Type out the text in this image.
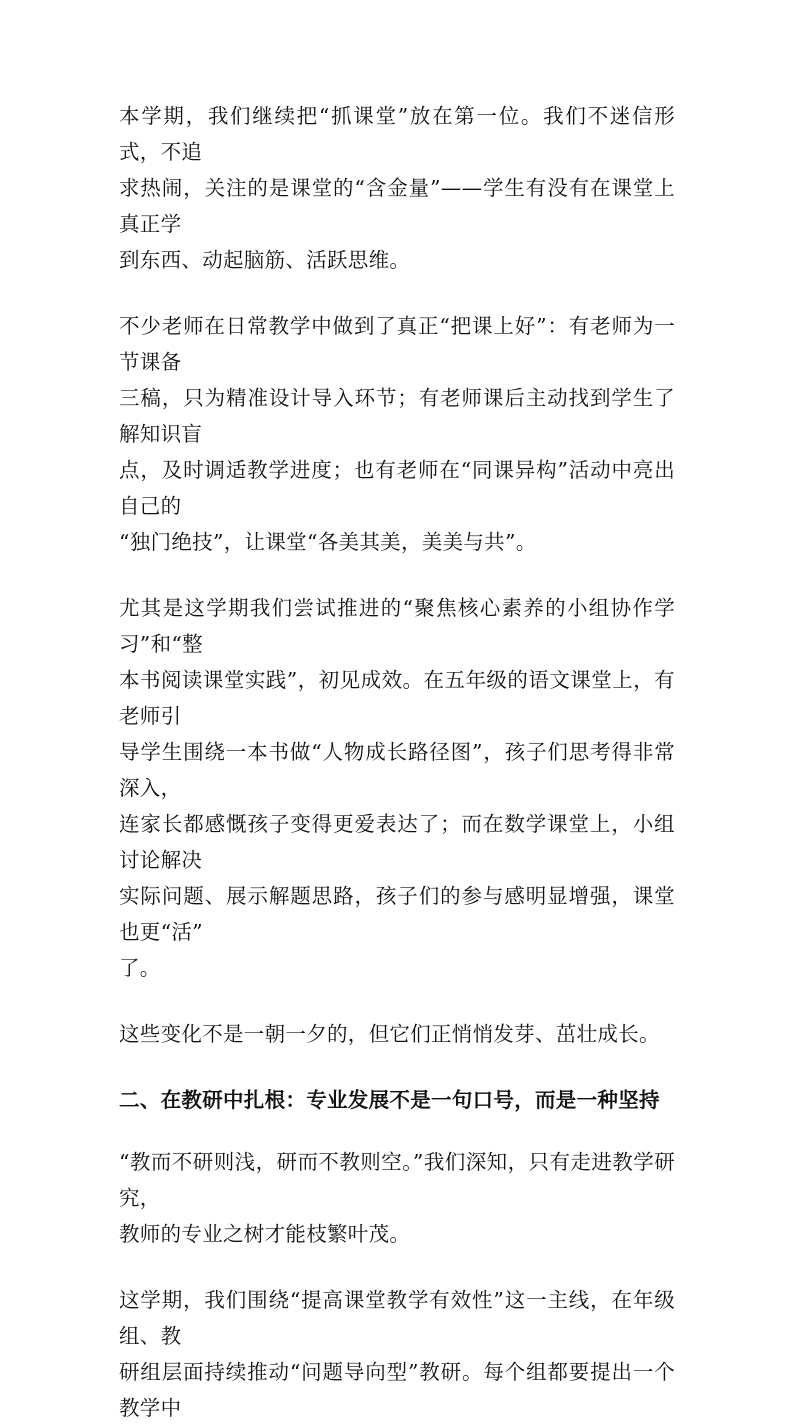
本学期，我们继续把“抓课堂”放在第一位。我们不迷信形式，不追
求热闹，关注的是课堂的“含金量”——学生有没有在课堂上真正学
到东西、动起脑筋、活跃思维。

不少老师在日常教学中做到了真正“把课上好”：有老师为一节课备
三稿，只为精准设计导入环节；有老师课后主动找到学生了解知识盲
点，及时调适教学进度；也有老师在“同课异构”活动中亮出自己的
“独门绝技”，让课堂“各美其美，美美与共”。

尤其是这学期我们尝试推进的“聚焦核心素养的小组协作学习”和“整
本书阅读课堂实践”，初见成效。在五年级的语文课堂上，有老师引
导学生围绕一本书做“人物成长路径图”，孩子们思考得非常深入，
连家长都感慨孩子变得更爱表达了；而在数学课堂上，小组讨论解决
实际问题、展示解题思路，孩子们的参与感明显增强，课堂也更“活”
了。

这些变化不是一朝一夕的，但它们正悄悄发芽、茁壮成长。

二、在教研中扎根：专业发展不是一句口号，而是一种坚持

“教而不研则浅，研而不教则空。”我们深知，只有走进教学研究，
教师的专业之树才能枝繁叶茂。

这学期，我们围绕“提高课堂教学有效性”这一主线，在年级组、教
研组层面持续推动“问题导向型”教研。每个组都要提出一个教学中
